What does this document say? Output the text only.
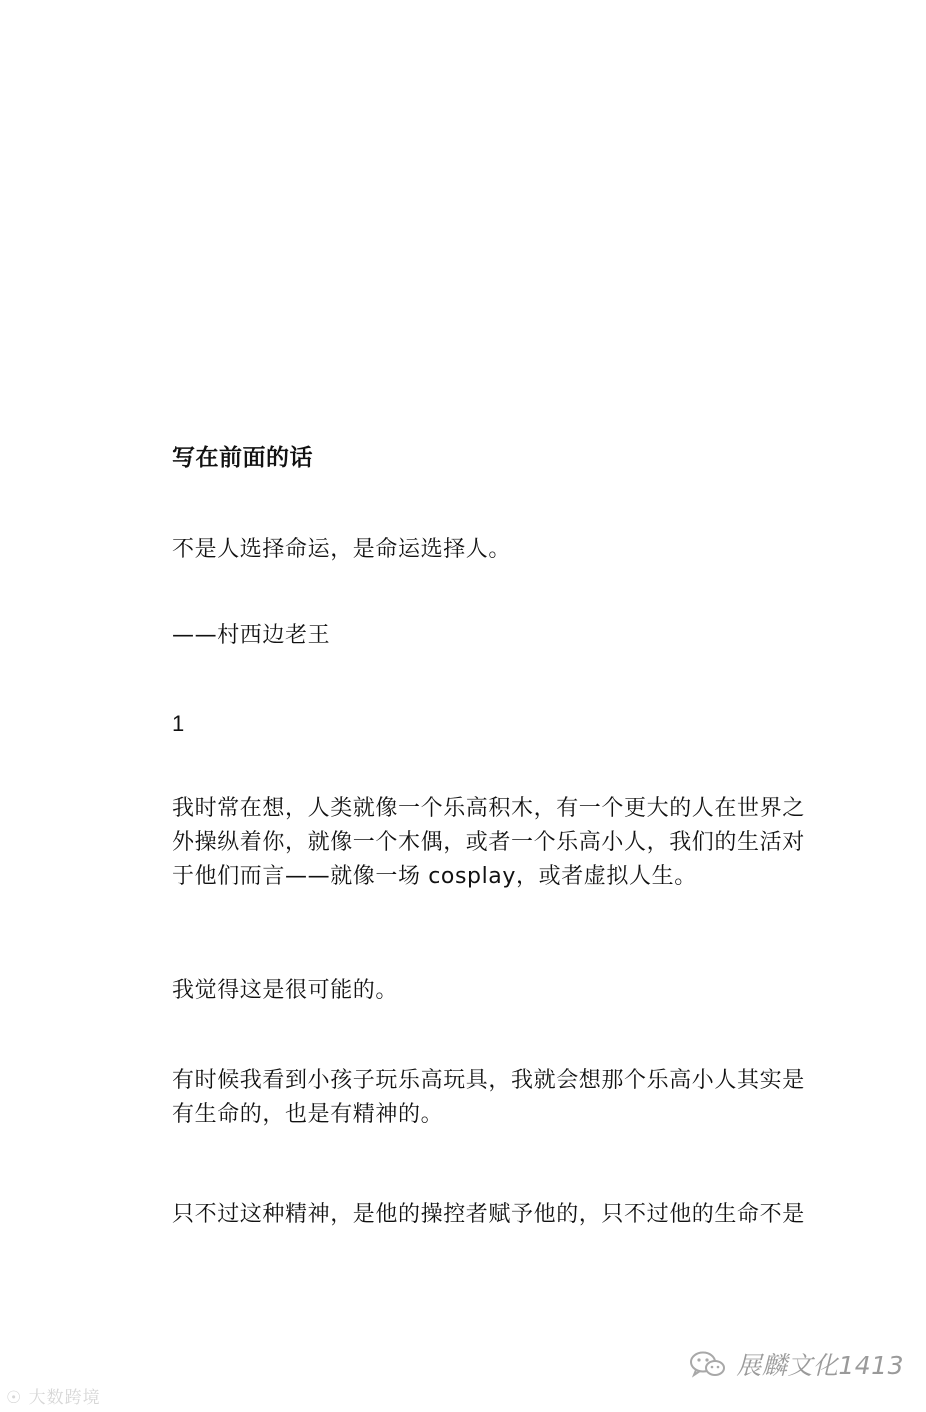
写在前面的话
不是人选择命运，是命运选择人。
——村西边老王
1
我时常在想，人类就像一个乐高积木，有一个更大的人在世界之
外操纵着你，就像一个木偶，或者一个乐高小人，我们的生活对
于他们而言——就像一场 cosplay，或者虚拟人生。
我觉得这是很可能的。
有时候我看到小孩子玩乐高玩具，我就会想那个乐高小人其实是
有生命的，也是有精神的。
只不过这种精神，是他的操控者赋予他的，只不过他的生命不是
展麟文化1413
☉ 大数跨境
